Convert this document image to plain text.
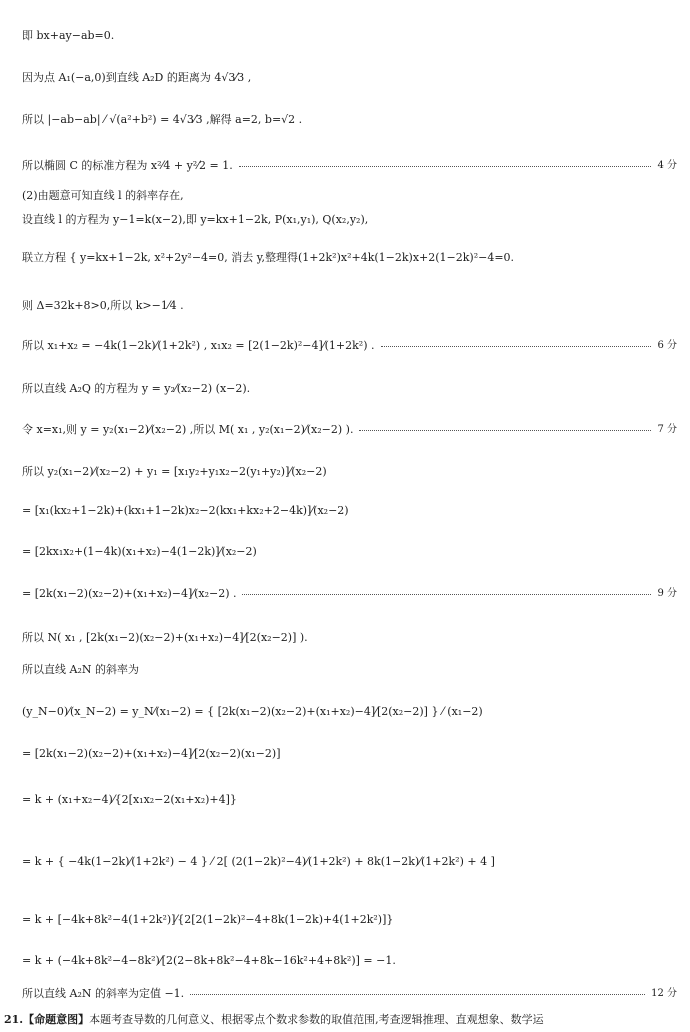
即 bx+ay−ab=0.
因为点 A₁(−a,0)到直线 A₂D 的距离为 4√3⁄3 ,
所以 |−ab−ab| ⁄ √(a²+b²) = 4√3⁄3 ,解得 a=2, b=√2 .
所以椭圆 C 的标准方程为 x²⁄4 + y²⁄2 = 1.	4 分
(2)由题意可知直线 l 的斜率存在,
设直线 l 的方程为 y−1=k(x−2),即 y=kx+1−2k, P(x₁,y₁), Q(x₂,y₂),
联立方程 { y=kx+1−2k, x²+2y²−4=0, 消去 y,整理得(1+2k²)x²+4k(1−2k)x+2(1−2k)²−4=0.
则 Δ=32k+8>0,所以 k>−1⁄4 .
所以 x₁+x₂ = −4k(1−2k)⁄(1+2k²) , x₁x₂ = [2(1−2k)²−4]⁄(1+2k²) .	6 分
所以直线 A₂Q 的方程为 y = y₂⁄(x₂−2) (x−2).
令 x=x₁,则 y = y₂(x₁−2)⁄(x₂−2) ,所以 M( x₁ , y₂(x₁−2)⁄(x₂−2) ).	7 分
所以 y₂(x₁−2)⁄(x₂−2) + y₁ = [x₁y₂+y₁x₂−2(y₁+y₂)]⁄(x₂−2)
= [x₁(kx₂+1−2k)+(kx₁+1−2k)x₂−2(kx₁+kx₂+2−4k)]⁄(x₂−2)
= [2kx₁x₂+(1−4k)(x₁+x₂)−4(1−2k)]⁄(x₂−2)
= [2k(x₁−2)(x₂−2)+(x₁+x₂)−4]⁄(x₂−2) .	9 分
所以 N( x₁ , [2k(x₁−2)(x₂−2)+(x₁+x₂)−4]⁄[2(x₂−2)] ).
所以直线 A₂N 的斜率为
(y_N−0)⁄(x_N−2) = y_N⁄(x₁−2) = { [2k(x₁−2)(x₂−2)+(x₁+x₂)−4]⁄[2(x₂−2)] } ⁄ (x₁−2)
= [2k(x₁−2)(x₂−2)+(x₁+x₂)−4]⁄[2(x₂−2)(x₁−2)]
= k + (x₁+x₂−4)⁄{2[x₁x₂−2(x₁+x₂)+4]}
= k + { −4k(1−2k)⁄(1+2k²) − 4 } ⁄ 2[ (2(1−2k)²−4)⁄(1+2k²) + 8k(1−2k)⁄(1+2k²) + 4 ]
= k + [−4k+8k²−4(1+2k²)]⁄{2[2(1−2k)²−4+8k(1−2k)+4(1+2k²)]}
= k + (−4k+8k²−4−8k²)⁄[2(2−8k+8k²−4+8k−16k²+4+8k²)] = −1.
所以直线 A₂N 的斜率为定值 −1.	12 分
21.【命题意图】 本题考查导数的几何意义、根据零点个数求参数的取值范围,考查逻辑推理、直观想象、数学运
